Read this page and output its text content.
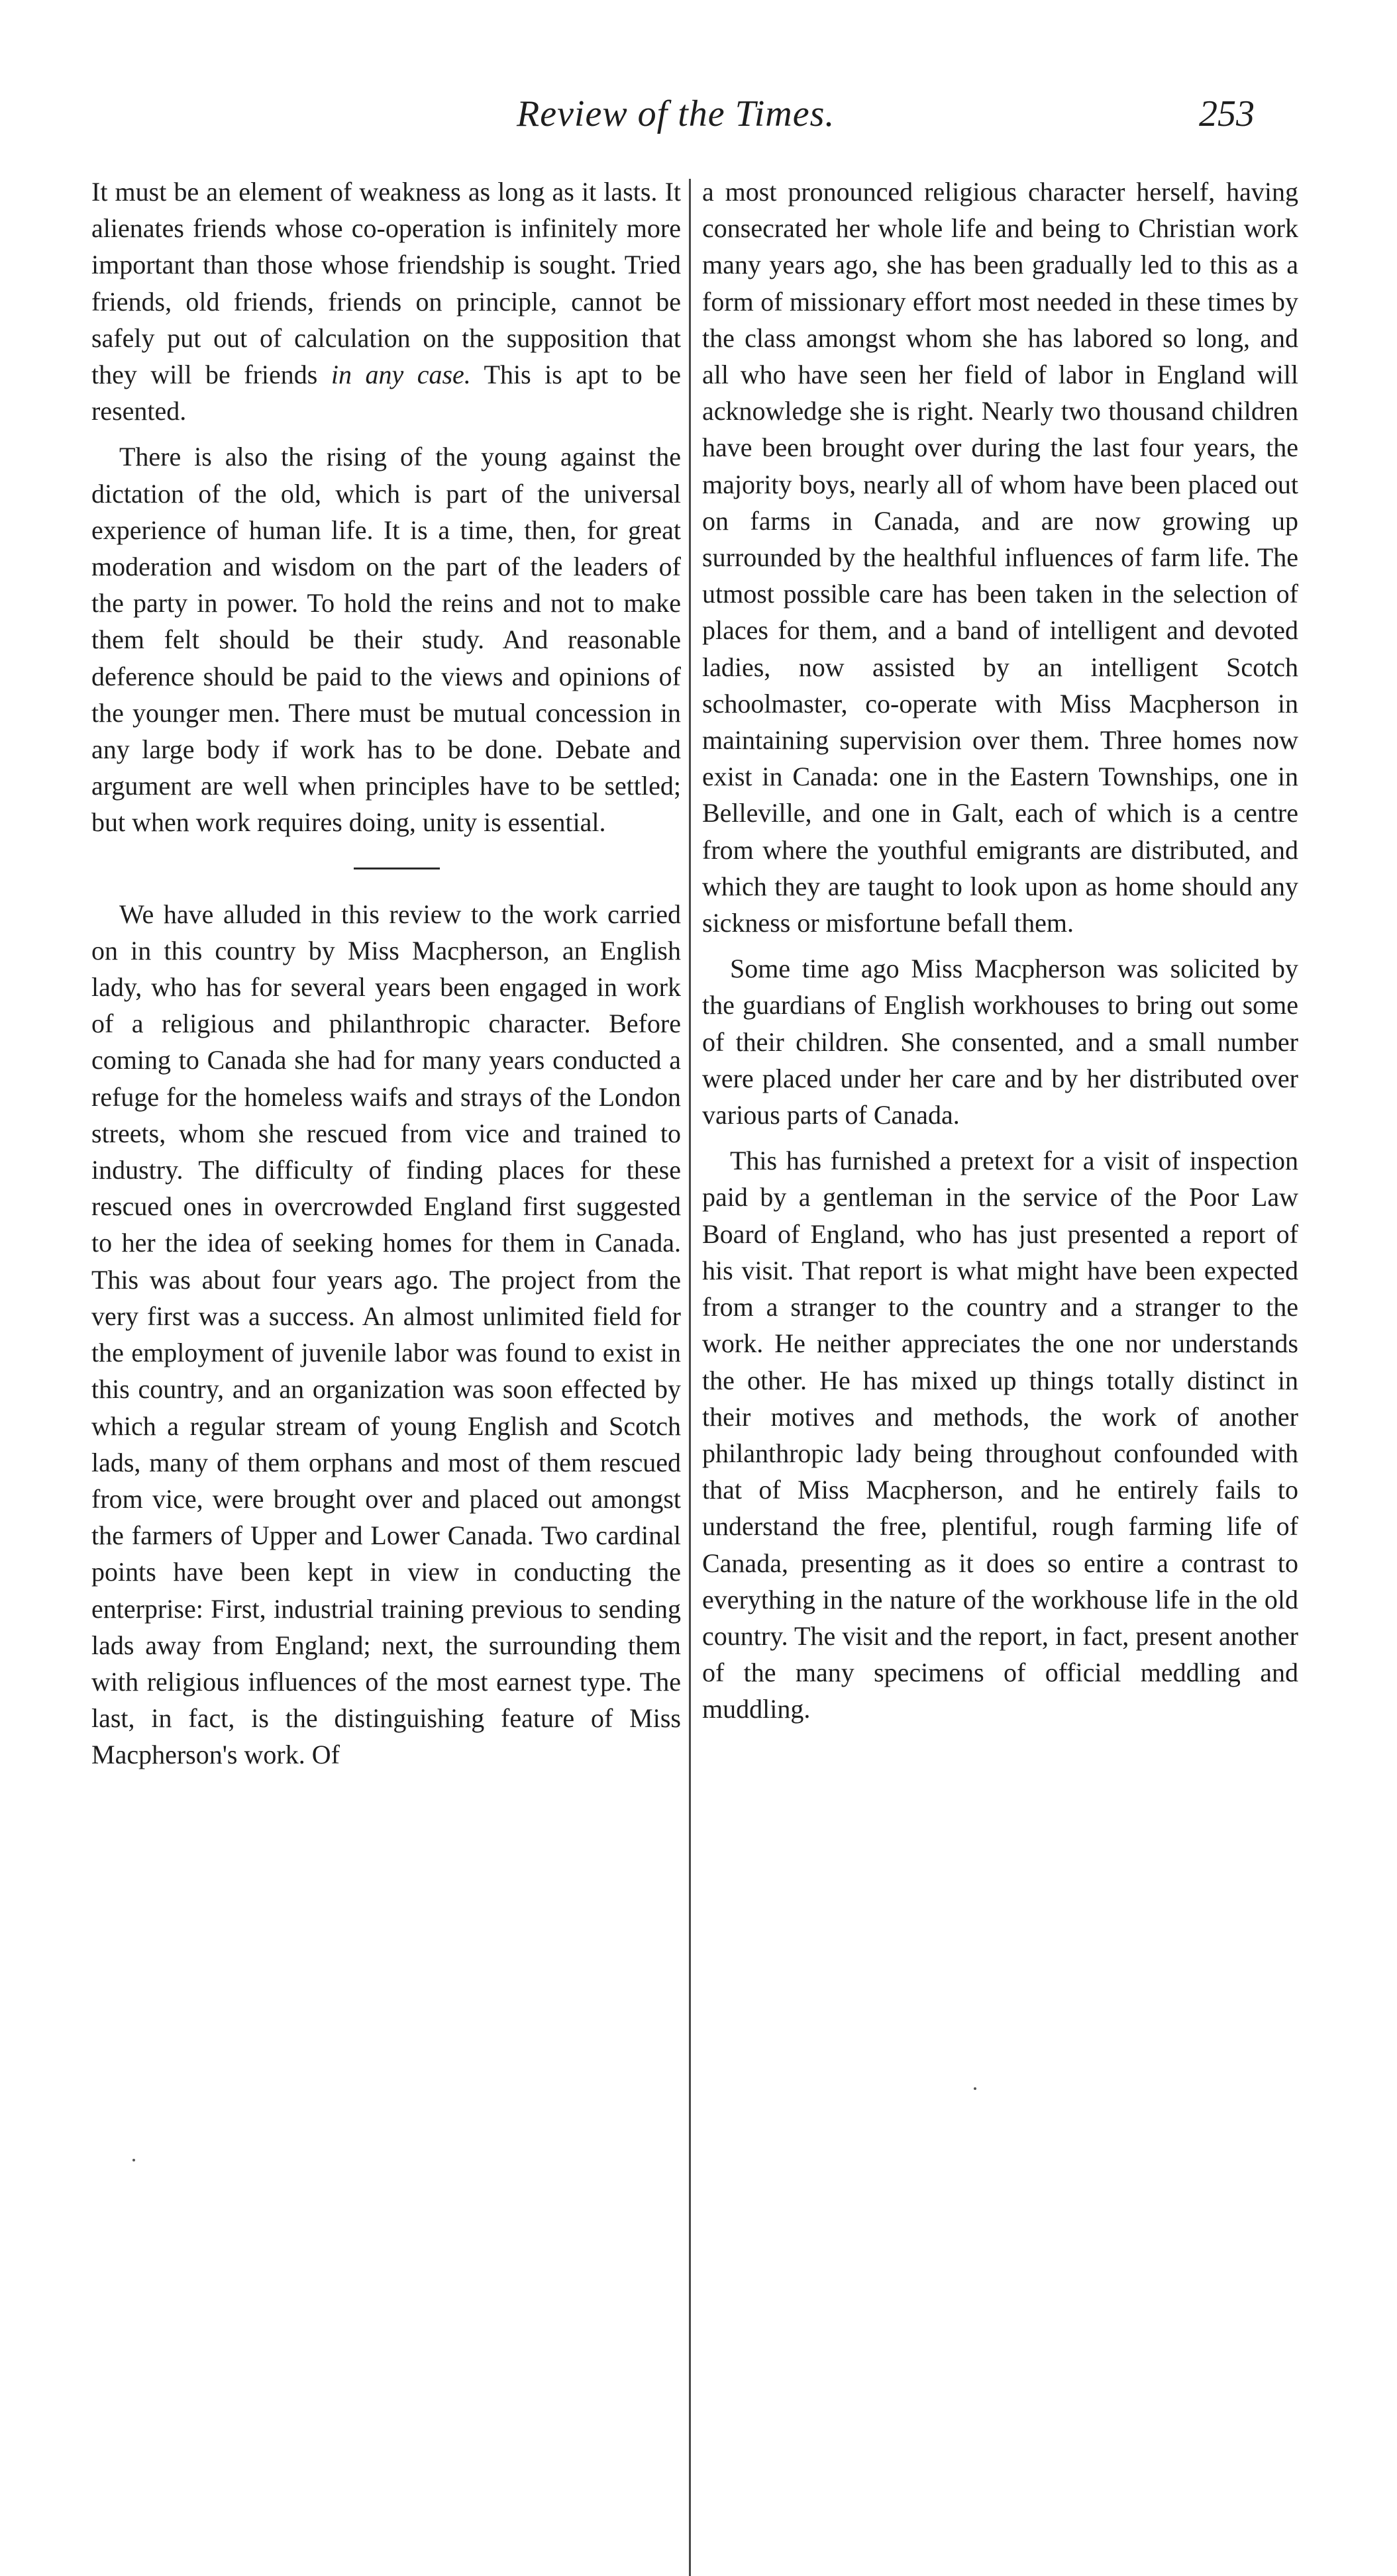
Review of the Times.	253

It must be an element of weakness as long as it lasts. It alienates friends whose co-operation is infinitely more important than those whose friendship is sought. Tried friends, old friends, friends on principle, cannot be safely put out of calculation on the supposition that they will be friends in any case. This is apt to be resented.

There is also the rising of the young against the dictation of the old, which is part of the universal experience of human life. It is a time, then, for great moderation and wisdom on the part of the leaders of the party in power. To hold the reins and not to make them felt should be their study. And reasonable deference should be paid to the views and opinions of the younger men. There must be mutual concession in any large body if work has to be done. Debate and argument are well when principles have to be settled; but when work requires doing, unity is essential.

We have alluded in this review to the work carried on in this country by Miss Macpherson, an English lady, who has for several years been engaged in work of a religious and philanthropic character. Before coming to Canada she had for many years conducted a refuge for the homeless waifs and strays of the London streets, whom she rescued from vice and trained to industry. The difficulty of finding places for these rescued ones in overcrowded England first suggested to her the idea of seeking homes for them in Canada. This was about four years ago. The project from the very first was a success. An almost unlimited field for the employment of juvenile labor was found to exist in this country, and an organization was soon effected by which a regular stream of young English and Scotch lads, many of them orphans and most of them rescued from vice, were brought over and placed out amongst the farmers of Upper and Lower Canada. Two cardinal points have been kept in view in conducting the enterprise: First, industrial training previous to sending lads away from England; next, the surrounding them with religious influences of the most earnest type. The last, in fact, is the distinguishing feature of Miss Macpherson's work. Of

a most pronounced religious character herself, having consecrated her whole life and being to Christian work many years ago, she has been gradually led to this as a form of missionary effort most needed in these times by the class amongst whom she has labored so long, and all who have seen her field of labor in England will acknowledge she is right. Nearly two thousand children have been brought over during the last four years, the majority boys, nearly all of whom have been placed out on farms in Canada, and are now growing up surrounded by the healthful influences of farm life. The utmost possible care has been taken in the selection of places for them, and a band of intelligent and devoted ladies, now assisted by an intelligent Scotch schoolmaster, co-operate with Miss Macpherson in maintaining supervision over them. Three homes now exist in Canada: one in the Eastern Townships, one in Belleville, and one in Galt, each of which is a centre from where the youthful emigrants are distributed, and which they are taught to look upon as home should any sickness or misfortune befall them.

Some time ago Miss Macpherson was solicited by the guardians of English workhouses to bring out some of their children. She consented, and a small number were placed under her care and by her distributed over various parts of Canada.

This has furnished a pretext for a visit of inspection paid by a gentleman in the service of the Poor Law Board of England, who has just presented a report of his visit. That report is what might have been expected from a stranger to the country and a stranger to the work. He neither appreciates the one nor understands the other. He has mixed up things totally distinct in their motives and methods, the work of another philanthropic lady being throughout confounded with that of Miss Macpherson, and he entirely fails to understand the free, plentiful, rough farming life of Canada, presenting as it does so entire a contrast to everything in the nature of the workhouse life in the old country. The visit and the report, in fact, present another of the many specimens of official meddling and muddling.
